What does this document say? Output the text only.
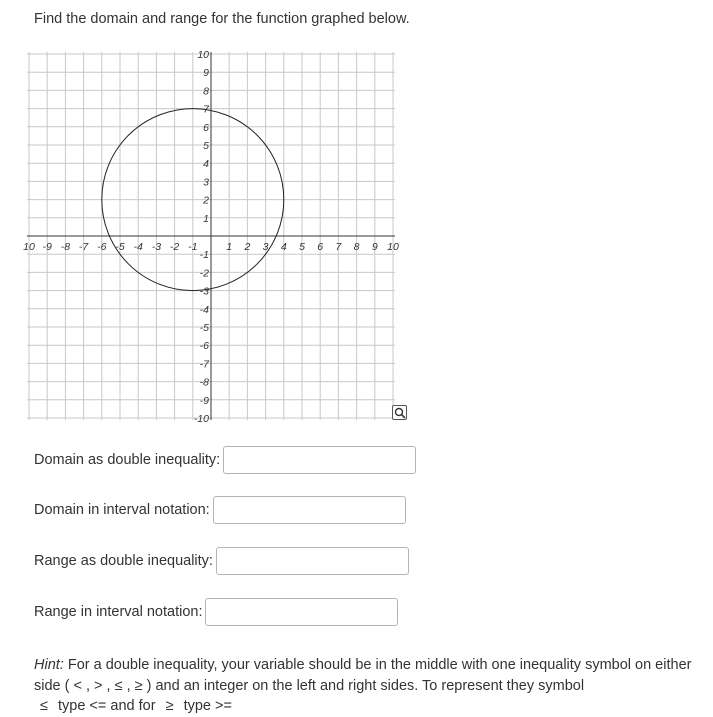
Find the domain and range for the function graphed below.
10 -9 -8 -7 -6 -5 -4 -3 -2 -1	1 2 3 4 5 6 7 8 9 10
10
9
8
7
6
5
4
3
2
1
-1
-2
-3
-4
-5
-6
-7
-8
-9
-10
Domain as double inequality:
Domain in interval notation:
Range as double inequality:
Range in interval notation:
Hint: For a double inequality, your variable should be in the middle with one inequality symbol on either side ( < , > , ≤ , ≥ ) and an integer on the left and right sides. To represent they symbol
≤ type <= and for ≥ type >=
